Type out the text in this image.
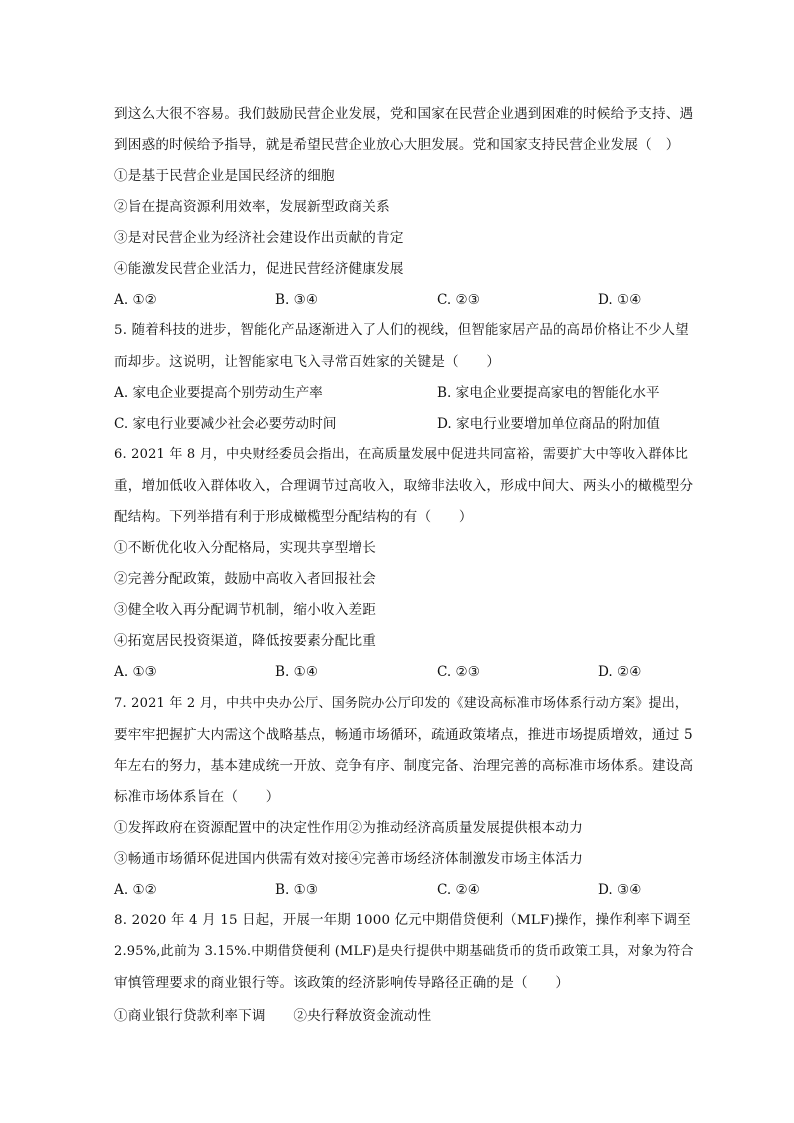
到这么大很不容易。我们鼓励民营企业发展，党和国家在民营企业遇到困难的时候给予支持、遇
到困惑的时候给予指导，就是希望民营企业放心大胆发展。党和国家支持民营企业发展（　）
①是基于民营企业是国民经济的细胞
②旨在提高资源利用效率，发展新型政商关系
③是对民营企业为经济社会建设作出贡献的肯定
④能激发民营企业活力，促进民营经济健康发展
A. ①②	B. ③④	C. ②③	D. ①④
5. 随着科技的进步，智能化产品逐渐进入了人们的视线，但智能家居产品的高昂价格让不少人望
而却步。这说明，让智能家电飞入寻常百姓家的关键是（　　）
A. 家电企业要提高个别劳动生产率	B. 家电企业要提高家电的智能化水平
C. 家电行业要减少社会必要劳动时间	D. 家电行业要增加单位商品的附加值
6. 2021 年 8 月，中央财经委员会指出，在高质量发展中促进共同富裕，需要扩大中等收入群体比
重，增加低收入群体收入，合理调节过高收入，取缔非法收入，形成中间大、两头小的橄榄型分
配结构。下列举措有利于形成橄榄型分配结构的有（　　）
①不断优化收入分配格局，实现共享型增长
②完善分配政策，鼓励中高收入者回报社会
③健全收入再分配调节机制，缩小收入差距
④拓宽居民投资渠道，降低按要素分配比重
A. ①③	B. ①④	C. ②③	D. ②④
7. 2021 年 2 月，中共中央办公厅、国务院办公厅印发的《建设高标准市场体系行动方案》提出，
要牢牢把握扩大内需这个战略基点，畅通市场循环，疏通政策堵点，推进市场提质增效，通过 5
年左右的努力，基本建成统一开放、竞争有序、制度完备、治理完善的高标准市场体系。建设高
标准市场体系旨在（　　）
①发挥政府在资源配置中的决定性作用②为推动经济高质量发展提供根本动力
③畅通市场循环促进国内供需有效对接④完善市场经济体制激发市场主体活力
A. ①②	B. ①③	C. ②④	D. ③④
8. 2020 年 4 月 15 日起，开展一年期 1000 亿元中期借贷便利（MLF)操作，操作利率下调至
2.95%,此前为 3.15%.中期借贷便利 (MLF)是央行提供中期基础货币的货币政策工具，对象为符合
审慎管理要求的商业银行等。该政策的经济影响传导路径正确的是（　　）
①商业银行贷款利率下调　　②央行释放资金流动性
